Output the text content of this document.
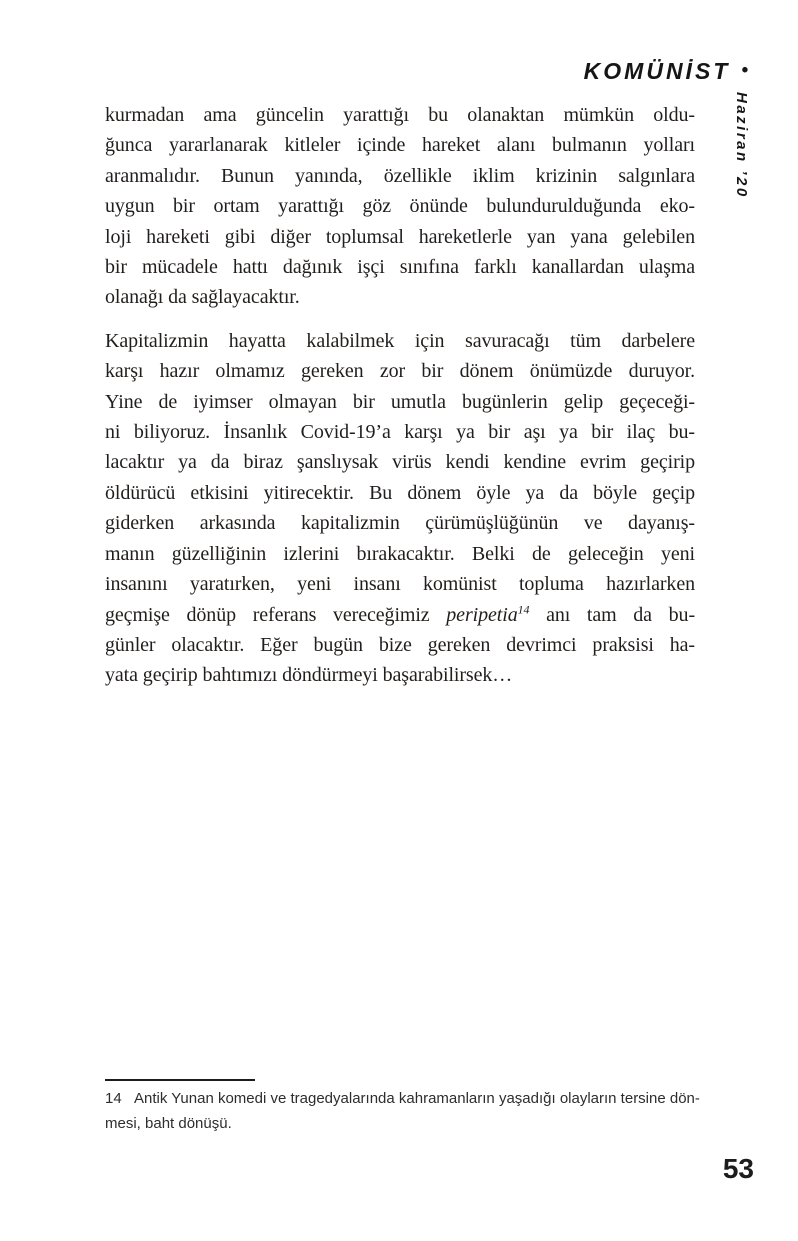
KOMÜNİST •
Haziran ’20
kurmadan ama güncelin yarattığı bu olanaktan mümkün oldu-
ğunca yararlanarak kitleler içinde hareket alanı bulmanın yolları
aranmalıdır. Bunun yanında, özellikle iklim krizinin salgınlara
uygun bir ortam yarattığı göz önünde bulundurulduğunda eko-
loji hareketi gibi diğer toplumsal hareketlerle yan yana gelebilen
bir mücadele hattı dağınık işçi sınıfına farklı kanallardan ulaşma
olanağı da sağlayacaktır.
Kapitalizmin hayatta kalabilmek için savuracağı tüm darbelere
karşı hazır olmamız gereken zor bir dönem önümüzde duruyor.
Yine de iyimser olmayan bir umutla bugünlerin gelip geçeceği-
ni biliyoruz. İnsanlık Covid-19’a karşı ya bir aşı ya bir ilaç bu-
lacaktır ya da biraz şanslıysak virüs kendi kendine evrim geçirip
öldürücü etkisini yitirecektir. Bu dönem öyle ya da böyle geçip
giderken arkasında kapitalizmin çürümüşlüğünün ve dayanış-
manın güzelliğinin izlerini bırakacaktır. Belki de geleceğin yeni
insanını yaratırken, yeni insanı komünist topluma hazırlarken
geçmişe dönüp referans vereceğimiz peripetia$^{14}$ anı tam da bu-
günler olacaktır. Eğer bugün bize gereken devrimci praksisi ha-
yata geçirip bahtımızı döndürmeyi başarabilirsek…
14 Antik Yunan komedi ve tragedyalarında kahramanların yaşadığı olayların tersine dön-
mesi, baht dönüşü.
53
